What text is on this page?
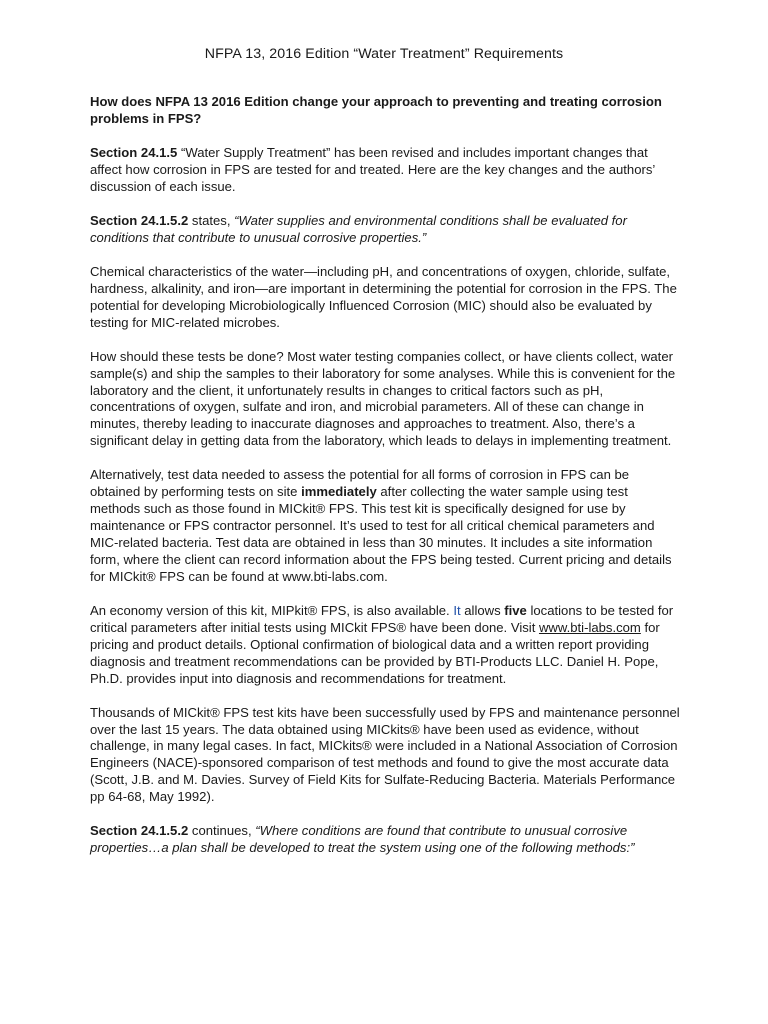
NFPA 13, 2016 Edition “Water Treatment” Requirements

How does NFPA 13 2016 Edition change your approach to preventing and treating corrosion problems in FPS?

Section 24.1.5 “Water Supply Treatment” has been revised and includes important changes that affect how corrosion in FPS are tested for and treated. Here are the key changes and the authors’ discussion of each issue.

Section 24.1.5.2 states, “Water supplies and environmental conditions shall be evaluated for conditions that contribute to unusual corrosive properties.”

Chemical characteristics of the water—including pH, and concentrations of oxygen, chloride, sulfate, hardness, alkalinity, and iron—are important in determining the potential for corrosion in the FPS. The potential for developing Microbiologically Influenced Corrosion (MIC) should also be evaluated by testing for MIC-related microbes.

How should these tests be done? Most water testing companies collect, or have clients collect, water sample(s) and ship the samples to their laboratory for some analyses. While this is convenient for the laboratory and the client, it unfortunately results in changes to critical factors such as pH, concentrations of oxygen, sulfate and iron, and microbial parameters. All of these can change in minutes, thereby leading to inaccurate diagnoses and approaches to treatment. Also, there’s a significant delay in getting data from the laboratory, which leads to delays in implementing treatment.

Alternatively, test data needed to assess the potential for all forms of corrosion in FPS can be obtained by performing tests on site immediately after collecting the water sample using test methods such as those found in MICkit® FPS. This test kit is specifically designed for use by maintenance or FPS contractor personnel. It’s used to test for all critical chemical parameters and MIC-related bacteria. Test data are obtained in less than 30 minutes. It includes a site information form, where the client can record information about the FPS being tested. Current pricing and details for MICkit® FPS can be found at www.bti-labs.com.

An economy version of this kit, MIPkit® FPS, is also available. It allows five locations to be tested for critical parameters after initial tests using MICkit FPS® have been done. Visit www.bti-labs.com for pricing and product details. Optional confirmation of biological data and a written report providing diagnosis and treatment recommendations can be provided by BTI-Products LLC. Daniel H. Pope, Ph.D. provides input into diagnosis and recommendations for treatment.

Thousands of MICkit® FPS test kits have been successfully used by FPS and maintenance personnel over the last 15 years. The data obtained using MICkits® have been used as evidence, without challenge, in many legal cases. In fact, MICkits® were included in a National Association of Corrosion Engineers (NACE)-sponsored comparison of test methods and found to give the most accurate data (Scott, J.B. and M. Davies. Survey of Field Kits for Sulfate-Reducing Bacteria. Materials Performance pp 64-68, May 1992).

Section 24.1.5.2 continues, “Where conditions are found that contribute to unusual corrosive properties…a plan shall be developed to treat the system using one of the following methods:”
